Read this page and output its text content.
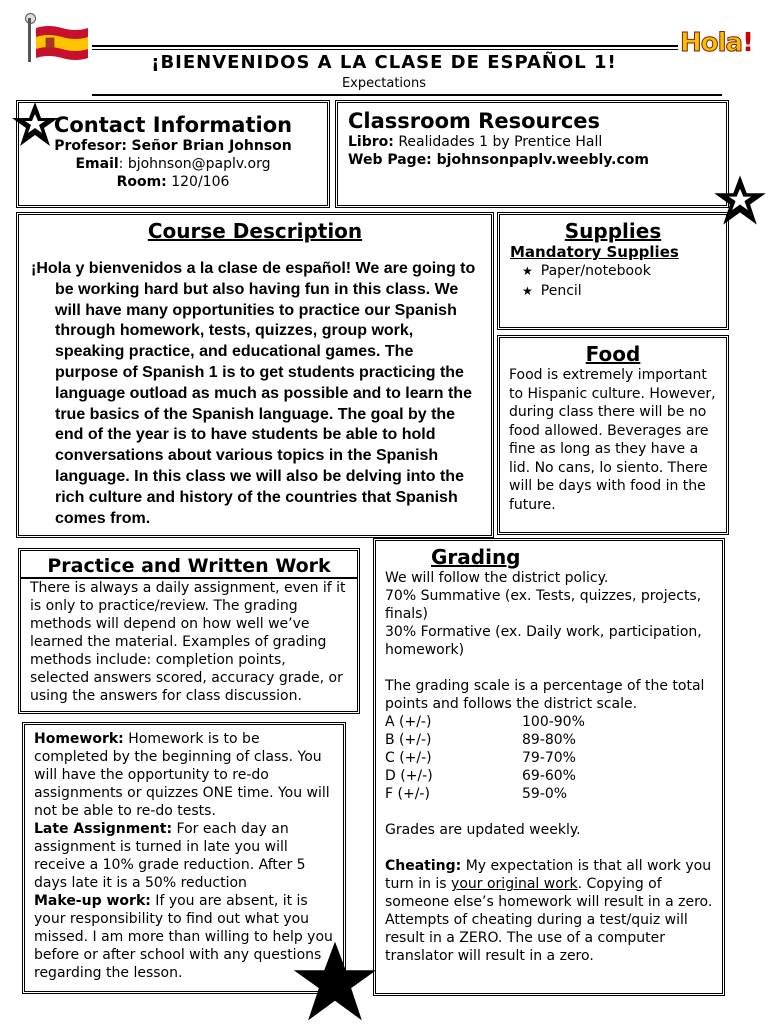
Hola!
¡BIENVENIDOS A LA CLASE DE ESPAÑOL 1!
Expectations
Contact Information
Profesor: Señor Brian Johnson
Email: bjohnson@paplv.org
Room: 120/106
Classroom Resources
Libro: Realidades 1 by Prentice Hall
Web Page: bjohnsonpaplv.weebly.com
Course Description
¡Hola y bienvenidos a la clase de español! We are going to be working hard but also having fun in this class. We will have many opportunities to practice our Spanish through homework, tests, quizzes, group work, speaking practice, and educational games. The purpose of Spanish 1 is to get students practicing the language outload as much as possible and to learn the true basics of the Spanish language. The goal by the end of the year is to have students be able to hold conversations about various topics in the Spanish language. In this class we will also be delving into the rich culture and history of the countries that Spanish comes from.
Supplies
Mandatory Supplies
★ Paper/notebook
★ Pencil
Food
Food is extremely important to Hispanic culture. However, during class there will be no food allowed. Beverages are fine as long as they have a lid. No cans, lo siento. There will be days with food in the future.
Practice and Written Work
There is always a daily assignment, even if it is only to practice/review. The grading methods will depend on how well we’ve learned the material. Examples of grading methods include: completion points, selected answers scored, accuracy grade, or using the answers for class discussion.

Homework: Homework is to be completed by the beginning of class. You will have the opportunity to re-do assignments or quizzes ONE time. You will not be able to re-do tests.

Late Assignment: For each day an assignment is turned in late you will receive a 10% grade reduction. After 5 days late it is a 50% reduction

Make-up work: If you are absent, it is your responsibility to find out what you missed. I am more than willing to help you before or after school with any questions regarding the lesson.

Grading
We will follow the district policy.
70% Summative (ex. Tests, quizzes, projects, finals)
30% Formative (ex. Daily work, participation, homework)
The grading scale is a percentage of the total points and follows the district scale.
A (+/-)	100-90%
B (+/-)	89-80%
C (+/-)	79-70%
D (+/-)	69-60%
F (+/-)	59-0%
Grades are updated weekly.
Cheating: My expectation is that all work you turn in is your original work. Copying of someone else’s homework will result in a zero. Attempts of cheating during a test/quiz will result in a ZERO. The use of a computer translator will result in a zero.
